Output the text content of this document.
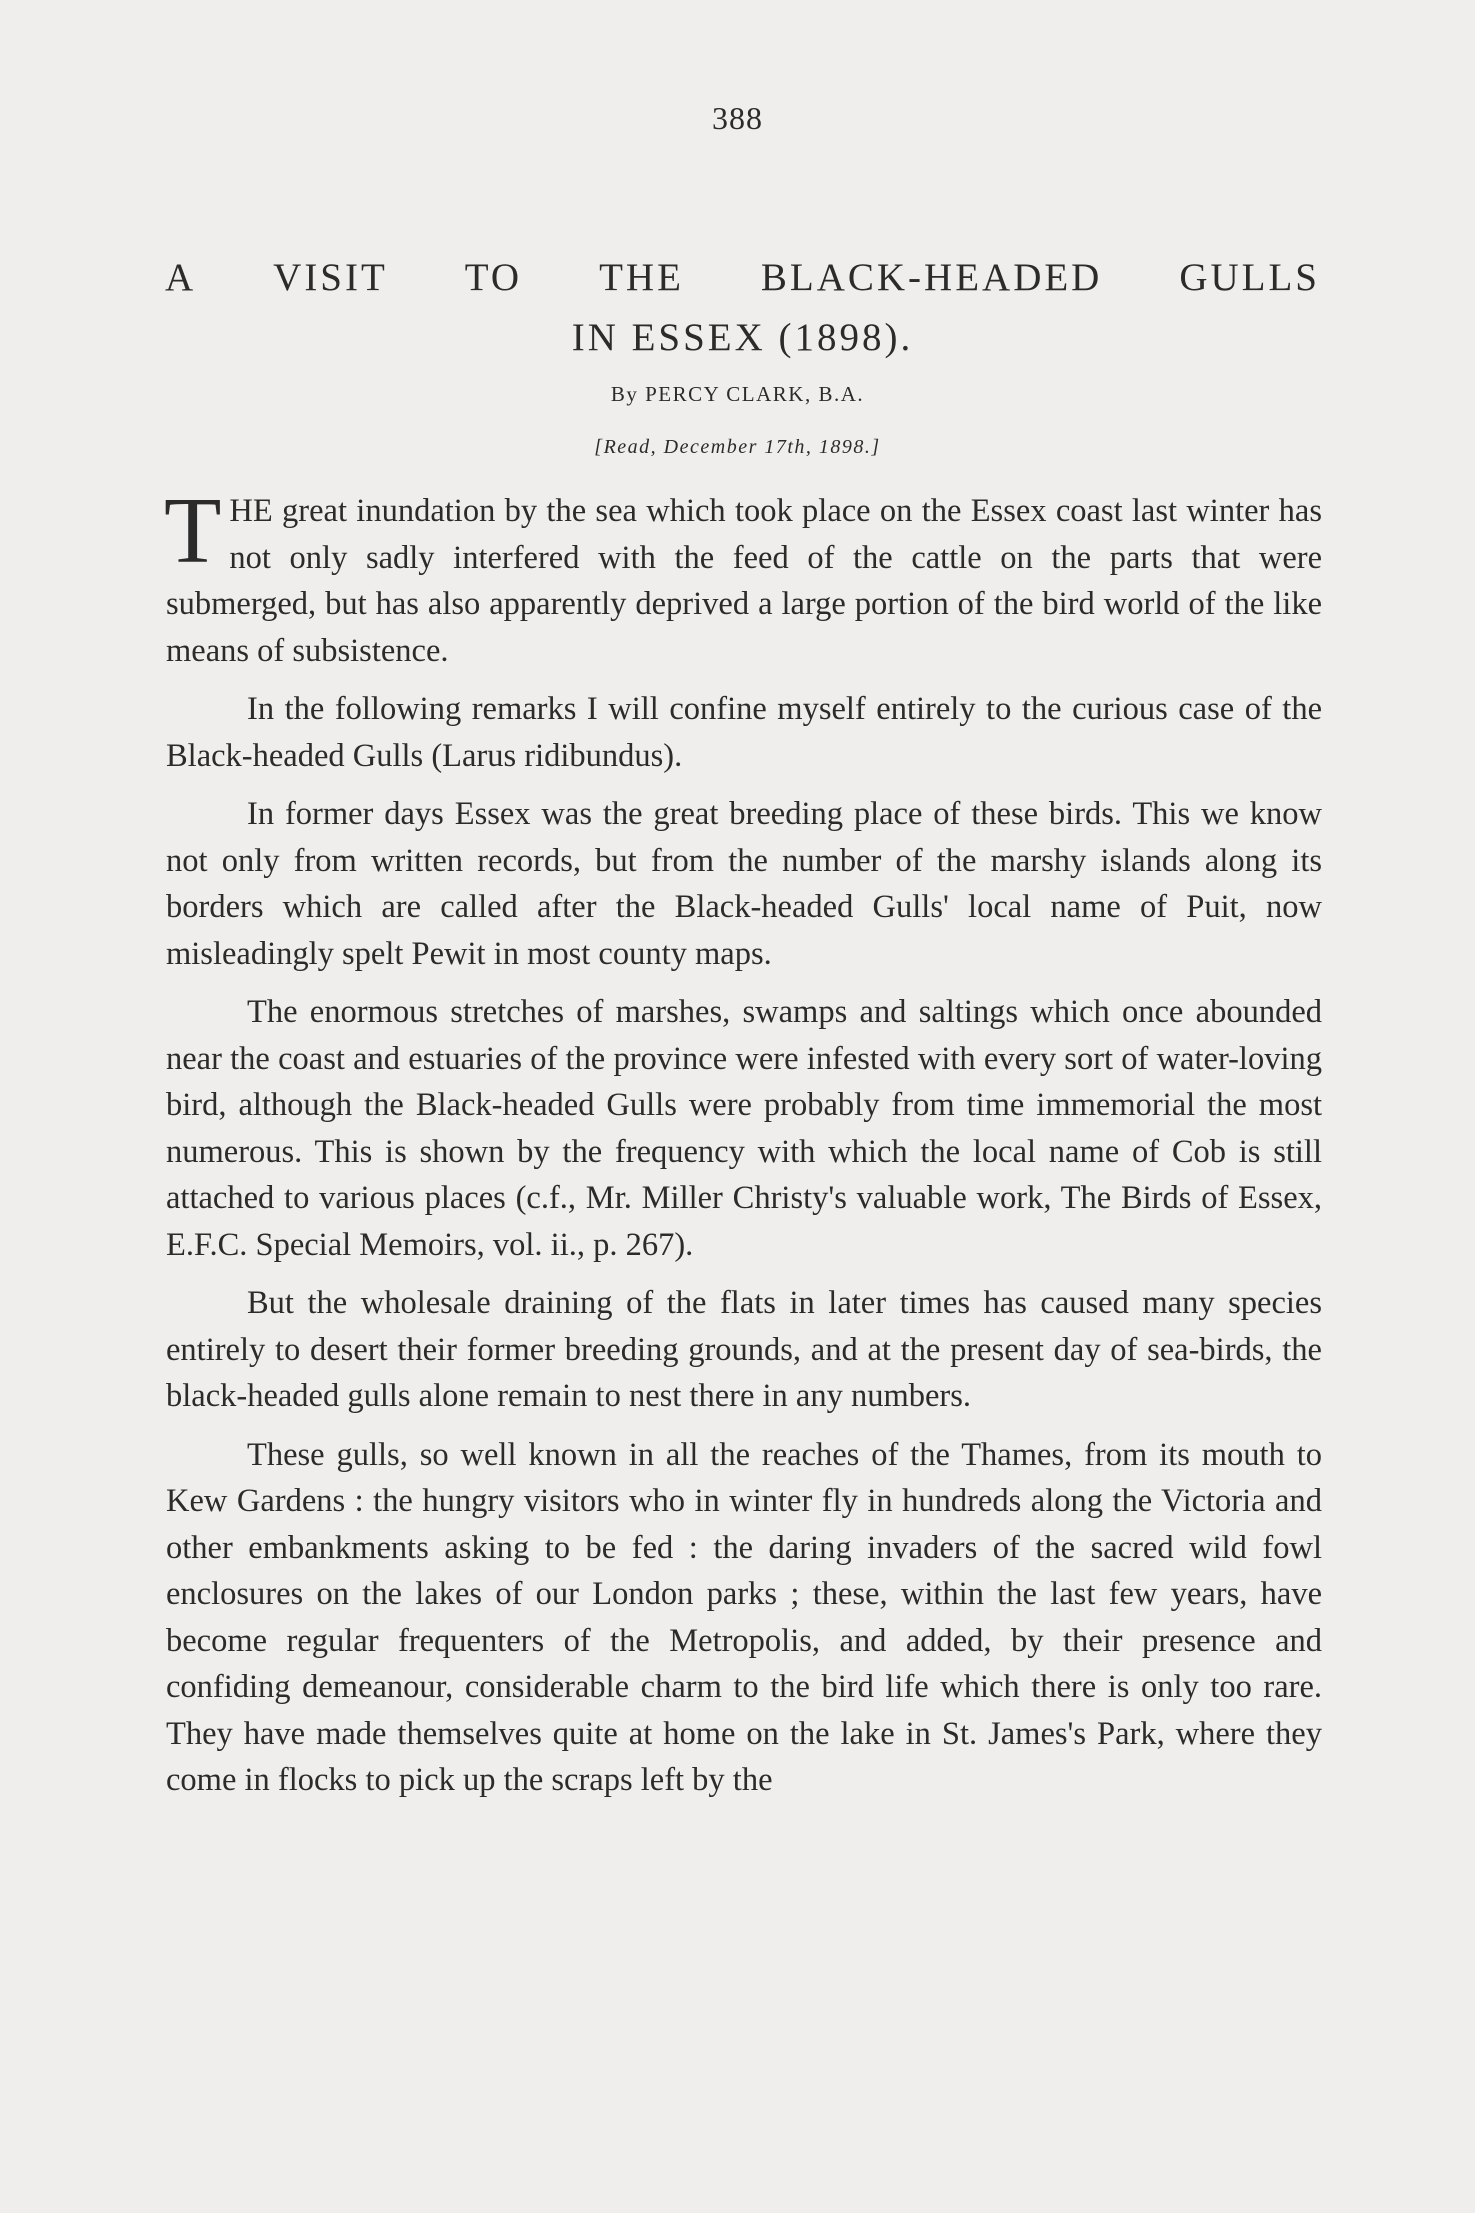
388
A VISIT TO THE BLACK-HEADED GULLS
IN ESSEX (1898).
By PERCY CLARK, B.A.
[Read, December 17th, 1898.]

THE great inundation by the sea which took place on the Essex coast last winter has not only sadly interfered with the feed of the cattle on the parts that were submerged, but has also apparently deprived a large portion of the bird world of the like means of subsistence.

In the following remarks I will confine myself entirely to the curious case of the Black-headed Gulls (Larus ridibundus).

In former days Essex was the great breeding place of these birds. This we know not only from written records, but from the number of the marshy islands along its borders which are called after the Black-headed Gulls' local name of Puit, now misleadingly spelt Pewit in most county maps.

The enormous stretches of marshes, swamps and saltings which once abounded near the coast and estuaries of the province were infested with every sort of water-loving bird, although the Black-headed Gulls were probably from time immemorial the most numerous. This is shown by the frequency with which the local name of Cob is still attached to various places (c.f., Mr. Miller Christy's valuable work, The Birds of Essex, E.F.C. Special Memoirs, vol. ii., p. 267).

But the wholesale draining of the flats in later times has caused many species entirely to desert their former breeding grounds, and at the present day of sea-birds, the black-headed gulls alone remain to nest there in any numbers.

These gulls, so well known in all the reaches of the Thames, from its mouth to Kew Gardens : the hungry visitors who in winter fly in hundreds along the Victoria and other embankments asking to be fed : the daring invaders of the sacred wild fowl enclosures on the lakes of our London parks ; these, within the last few years, have become regular frequenters of the Metropolis, and added, by their presence and confiding demeanour, considerable charm to the bird life which there is only too rare. They have made themselves quite at home on the lake in St. James's Park, where they come in flocks to pick up the scraps left by the
